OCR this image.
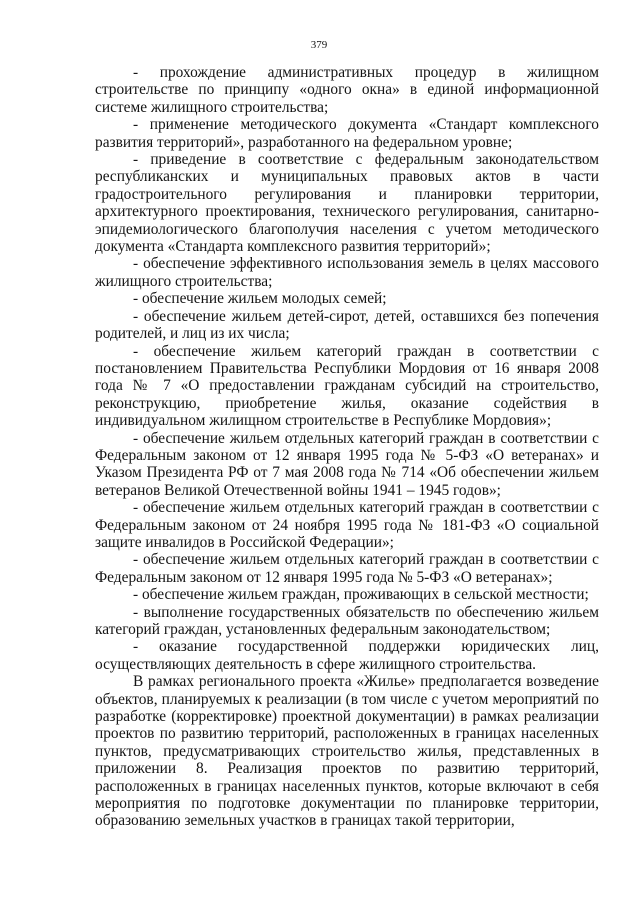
379

- прохождение административных процедур в жилищном строительстве по принципу «одного окна» в единой информационной системе жилищного строительства;

- применение методического документа «Стандарт комплексного развития территорий», разработанного на федеральном уровне;

- приведение в соответствие с федеральным законодательством республиканских и муниципальных правовых актов в части градостроительного регулирования и планировки территории, архитектурного проектирования, технического регулирования, санитарно-эпидемиологического благополучия населения с учетом методического документа «Стандарта комплексного развития территорий»;

- обеспечение эффективного использования земель в целях массового жилищного строительства;

- обеспечение жильем молодых семей;

- обеспечение жильем детей-сирот, детей, оставшихся без попечения родителей, и лиц из их числа;

- обеспечение жильем категорий граждан в соответствии с постановлением Правительства Республики Мордовия от 16 января 2008 года № 7 «О предоставлении гражданам субсидий на строительство, реконструкцию, приобретение жилья, оказание содействия в индивидуальном жилищном строительстве в Республике Мордовия»;

- обеспечение жильем отдельных категорий граждан в соответствии с Федеральным законом от 12 января 1995 года № 5-ФЗ «О ветеранах» и Указом Президента РФ от 7 мая 2008 года № 714 «Об обеспечении жильем ветеранов Великой Отечественной войны 1941 – 1945 годов»;

- обеспечение жильем отдельных категорий граждан в соответствии с Федеральным законом от 24 ноября 1995 года № 181-ФЗ «О социальной защите инвалидов в Российской Федерации»;

- обеспечение жильем отдельных категорий граждан в соответствии с Федеральным законом от 12 января 1995 года № 5-ФЗ «О ветеранах»;

- обеспечение жильем граждан, проживающих в сельской местности;

- выполнение государственных обязательств по обеспечению жильем категорий граждан, установленных федеральным законодательством;

- оказание государственной поддержки юридических лиц, осуществляющих деятельность в сфере жилищного строительства.

В рамках регионального проекта «Жилье» предполагается возведение объектов, планируемых к реализации (в том числе с учетом мероприятий по разработке (корректировке) проектной документации) в рамках реализации проектов по развитию территорий, расположенных в границах населенных пунктов, предусматривающих строительство жилья, представленных в приложении 8. Реализация проектов по развитию территорий, расположенных в границах населенных пунктов, которые включают в себя мероприятия по подготовке документации по планировке территории, образованию земельных участков в границах такой территории,
